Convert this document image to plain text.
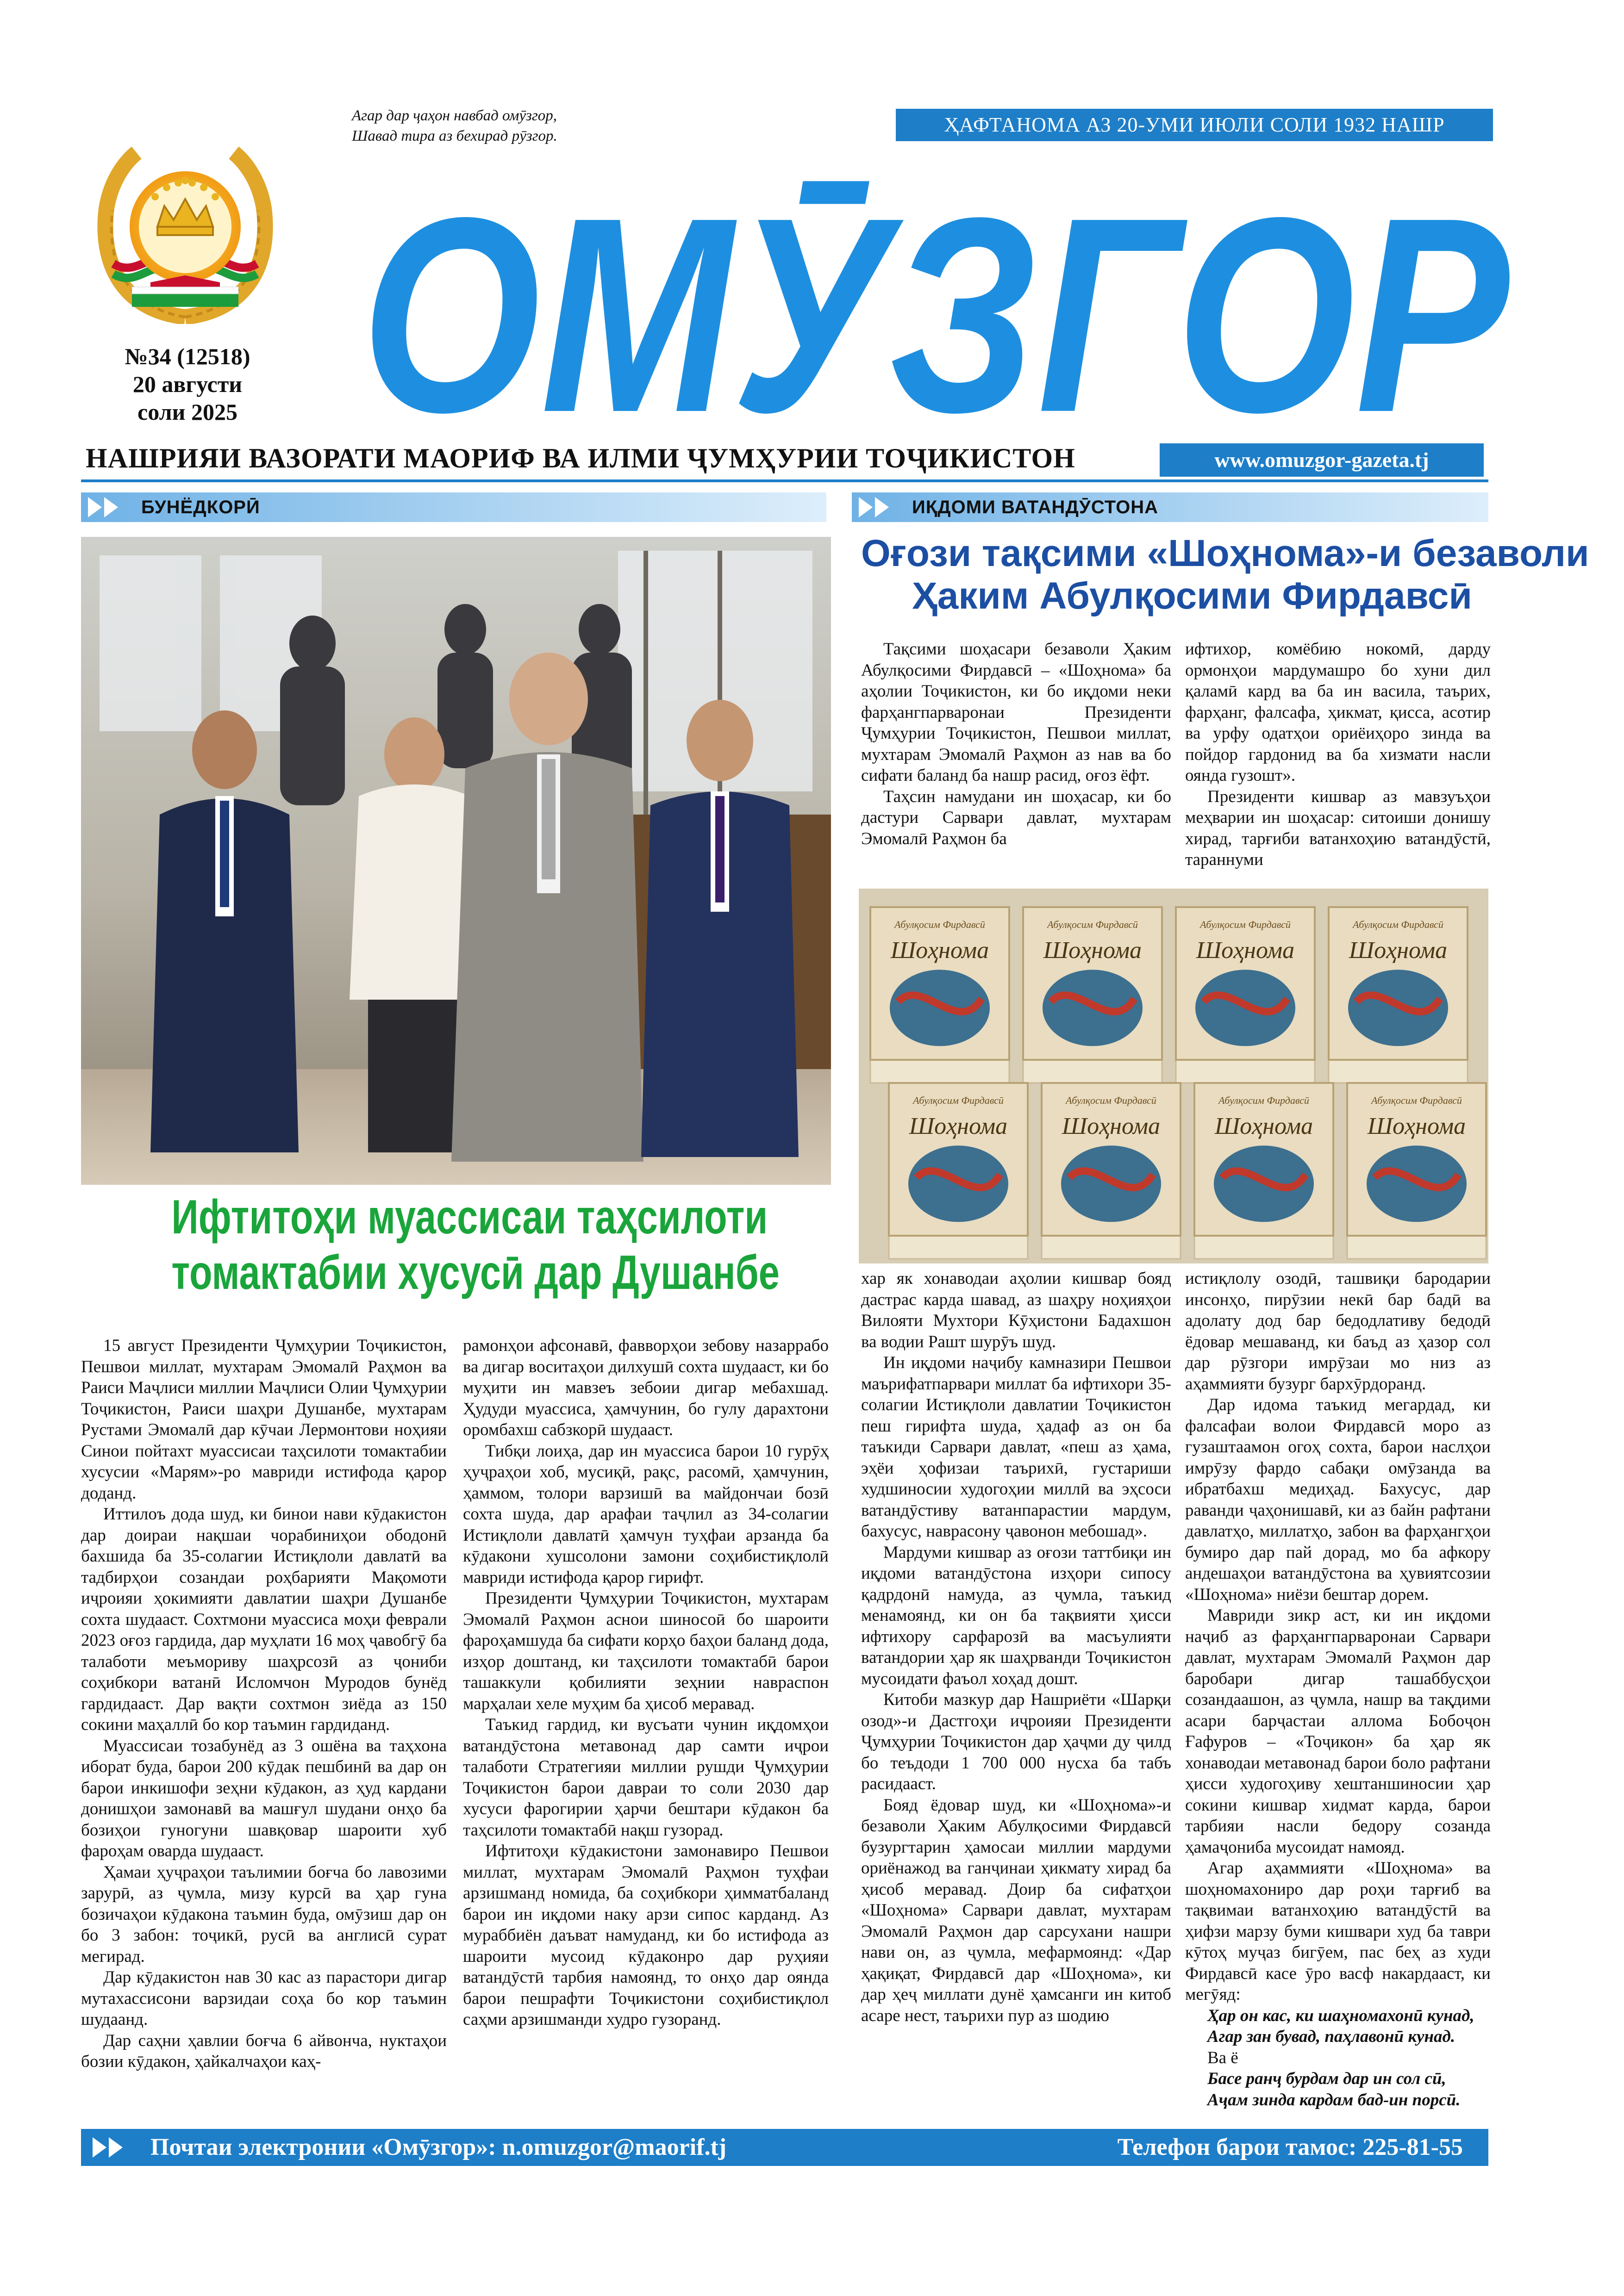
Агар дар ҷаҳон навбад омӯзгор,
Шавад тира аз бехирад рӯзгор.	ҲАФТАНОМА АЗ 20-УМИ ИЮЛИ СОЛИ 1932 НАШР МЕШАВАД
ОМӮЗГОР
№34 (12518)
20 августи
соли 2025
НАШРИЯИ ВАЗОРАТИ МАОРИФ ВА ИЛМИ ҶУМҲУРИИ ТОҶИКИСТОН	www.omuzgor-gazeta.tj
БУНЁДКОРӢ	ИҚДОМИ ВАТАНДӮСТОНА
Ифтитоҳи муассисаи таҳсилоти
томактабии хусусӣ дар Душанбе

15 август Президенти Ҷумҳурии Тоҷикистон, Пешвои миллат, мухтарам Эмомалӣ Раҳмон ва Раиси Маҷлиси миллии Маҷлиси Олии Ҷумҳурии Тоҷикистон, Раиси шаҳри Душанбе, мухтарам Рустами Эмомалӣ дар кӯчаи Лермонтови ноҳияи Синои пойтахт муассисаи таҳсилоти томактабии хусусии «Марям»-ро мавриди истифода қарор доданд.

Иттилоъ дода шуд, ки бинои нави кӯдакистон дар доираи нақшаи чорабиниҳои ободонӣ бахшида ба 35-солагии Истиқлоли давлатӣ ва тадбирҳои созандаи роҳбарияти Мақомоти иҷроияи ҳокимияти давлатии шаҳри Душанбе сохта шудааст. Сохтмони муассиса моҳи феврали 2023 оғоз гардида, дар муҳлати 16 моҳ ҷавобгӯ ба талаботи меъмориву шаҳрсозӣ аз ҷониби соҳибкори ватанӣ Исломчон Муродов бунёд гардидааст. Дар вақти сохтмон зиёда аз 150 сокини маҳаллӣ бо кор таъмин гардиданд.

Муассисаи тозабунёд аз 3 ошёна ва таҳхона иборат буда, барои 200 кӯдак пешбинӣ ва дар он барои инкишофи зеҳни кӯдакон, аз ҳуд кардани донишҳои замонавӣ ва машғул шудани онҳо ба бозиҳои гуногуни шавқовар шароити хуб фароҳам оварда шудааст.

Ҳамаи ҳуҷраҳои таълимии боғча бо лавозими зарурӣ, аз ҷумла, мизу курсӣ ва ҳар гуна бозичаҳои кӯдакона таъмин буда, омӯзиш дар он бо 3 забон: тоҷикӣ, русӣ ва англисӣ сурат мегирад.

Дар кӯдакистон нав 30 кас аз парастори дигар мутахассисони варзидаи соҳа бо кор таъмин шудаанд.

Дар саҳни ҳавлии боғча 6 айвонча, нуктаҳои бозии кӯдакон, ҳайкалчаҳои каҳ-

рамонҳои афсонавӣ, фавворҳои зебову назаррабо ва дигар воситаҳои дилхушӣ сохта шудааст, ки бо муҳити ин мавзеъ зебоии дигар мебахшад. Ҳудуди муассиса, ҳамчунин, бо гулу дарахтони оромбахш сабзкорӣ шудааст.

Тибқи лоиҳа, дар ин муассиса барои 10 гурӯҳ ҳуҷраҳои хоб, мусиқӣ, рақс, расомӣ, ҳамчунин, ҳаммом, толори варзишӣ ва майдончаи бозӣ сохта шуда, дар арафаи таҷлил аз 34-солагии Истиқлоли давлатӣ ҳамчун туҳфаи арзанда ба кӯдакони хушсолони замони соҳибистиқлолӣ мавриди истифода қарор гирифт.

Президенти Ҷумҳурии Тоҷикистон, мухтарам Эмомалӣ Раҳмон аснои шиносоӣ бо шароити фароҳамшуда ба сифати корҳо баҳои баланд дода, изҳор доштанд, ки таҳсилоти томактабӣ барои ташаккули қобилияти зеҳнии навраспон марҳалаи хеле муҳим ба ҳисоб меравад.

Таъкид гардид, ки вусъати чунин иқдомҳои ватандӯстона метавонад дар самти иҷрои талаботи Стратегияи миллии рушди Ҷумҳурии Тоҷикистон барои давраи то соли 2030 дар хусуси фарогирии ҳарчи бештари кӯдакон ба таҳсилоти томактабӣ нақш гузорад.

Ифтитоҳи кӯдакистони замонавиро Пешвои миллат, мухтарам Эмомалӣ Раҳмон туҳфаи арзишманд номида, ба соҳибкори ҳимматбаланд барои ин иқдоми наку арзи сипос карданд. Аз мураббиён даъват намуданд, ки бо истифода аз шароити мусоид кӯдаконро дар руҳияи ватандӯстӣ тарбия намоянд, то онҳо дар оянда барои пешрафти Тоҷикистони соҳибистиқлол саҳми арзишманди худро гузоранд.

Оғози тақсими «Шоҳнома»-и безаволи
Ҳаким Абулқосими Фирдавсӣ

Тақсими шоҳасари безаволи Ҳаким Абулқосими Фирдавсӣ – «Шоҳнома» ба аҳолии Тоҷикистон, ки бо иқдоми неки фарҳангпарваронаи Президенти Ҷумҳурии Тоҷикистон, Пешвои миллат, мухтарам Эмомалӣ Раҳмон аз нав ва бо сифати баланд ба нашр расид, оғоз ёфт.

Таҳсин намудани ин шоҳасар, ки бо дастури Сарвари давлат, мухтарам Эмомалӣ Раҳмон ба

ифтихор, комёбию нокомӣ, дарду ормонҳои мардумашро бо хуни дил қаламӣ кард ва ба ин васила, таърих, фарҳанг, фалсафа, ҳикмат, қисса, асотир ва урфу одатҳои ориёиҳоро зинда ва пойдор гардонид ва ба хизмати насли оянда гузошт».

Президенти кишвар аз мавзуъҳои меҳварии ин шоҳасар: ситоиши донишу хирад, тарғиби ватанхоҳию ватандӯстӣ, тараннуми

Абулқосим Фирдавсӣ
Шоҳнома
Абулқосим Фирдавсӣ
Шоҳнома
Абулқосим Фирдавсӣ
Шоҳнома
Абулқосим Фирдавсӣ
Шоҳнома
Абулқосим Фирдавсӣ
Шоҳнома
Абулқосим Фирдавсӣ
Шоҳнома
Абулқосим Фирдавсӣ
Шоҳнома
Абулқосим Фирдавсӣ
Шоҳнома

хар як хонаводаи аҳолии кишвар бояд дастрас карда шавад, аз шаҳру ноҳияҳои Вилояти Мухтори Кӯҳистони Бадахшон ва водии Рашт шурӯъ шуд.

Ин иқдоми наҷибу камназири Пешвои маърифатпарвари миллат ба ифтихори 35-солагии Истиқлоли давлатии Тоҷикистон пеш гирифта шуда, ҳадаф аз он ба таъкиди Сарвари давлат, «пеш аз ҳама, эҳёи ҳофизаи таърихӣ, густариши худшиносии худогоҳии миллӣ ва эҳсоси ватандӯстиву ватанпарастии мардум, бахусус, наврасону ҷавонон мебошад».

Мардуми кишвар аз оғози таттбиқи ин иқдоми ватандӯстона изҳори сипосу қадрдонӣ намуда, аз ҷумла, таъкид менамоянд, ки он ба тақвияти ҳисси ифтихору сарфарозӣ ва масъулияти ватандории ҳар як шаҳрванди Тоҷикистон мусоидати фаъол хоҳад дошт.

Китоби мазкур дар Нашриёти «Шарқи озод»-и Дастгоҳи иҷроияи Президенти Ҷумҳурии Тоҷикистон дар ҳаҷми ду ҷилд бо теъдоди 1 700 000 нусха ба табъ расидааст.

Бояд ёдовар шуд, ки «Шоҳнома»-и безаволи Ҳаким Абулқосими Фирдавсӣ бузургтарин ҳамосаи миллии мардуми ориёнажод ва ганҷинаи ҳикмату хирад ба ҳисоб меравад. Доир ба сифатҳои «Шоҳнома» Сарвари давлат, мухтарам Эмомалӣ Раҳмон дар сарсухани нашри нави он, аз ҷумла, мефармоянд: «Дар ҳақиқат, Фирдавсӣ дар «Шоҳнома», ки дар ҳеҷ миллати дунё ҳамсанги ин китоб асаре нест, таърихи пур аз шодию

истиқлолу озодӣ, ташвиқи бародарии инсонҳо, пирӯзии некӣ бар бадӣ ва адолату дод бар бедодлативу бедодӣ ёдовар мешаванд, ки баъд аз ҳазор сол дар рӯзгори имрӯзаи мо низ аз аҳаммияти бузург бархӯрдоранд.

Дар идома таъкид мегардад, ки фалсафаи волои Фирдавсӣ моро аз гузаштаамон огоҳ сохта, барои наслҳои имрӯзу фардо сабақи омӯзанда ва ибратбахш медиҳад. Бахусус, дар раванди ҷаҳонишавӣ, ки аз байн рафтани давлатҳо, миллатҳо, забон ва фарҳангҳои бумиро дар пай дорад, мо ба афкору андешаҳои ватандӯстона ва ҳувиятсозии «Шоҳнома» ниёзи бештар дорем.

Мавриди зикр аст, ки ин иқдоми наҷиб аз фарҳангпарваронаи Сарвари давлат, мухтарам Эмомалӣ Раҳмон дар баробари дигар ташаббусҳои созандаашон, аз ҷумла, нашр ва тақдими асари барҷастаи алломa Бобоҷон Ғафуров – «Тоҷикон» ба ҳар як хонаводаи метавонад барои боло рафтани ҳисси худогоҳиву хештаншиносии ҳар сокини кишвар хидмат карда, барои тарбияи насли бедору созанда ҳамаҷониба мусоидат намояд.

Агар аҳаммияти «Шоҳнома» ва шоҳномахониро дар роҳи тарғиб ва тақвимаи ватанхоҳию ватандӯстӣ ва ҳифзи марзу буми кишвари худ ба таври кӯтоҳ муҷаз бигӯем, пас беҳ аз худи Фирдавсӣ касе ӯро васф накардааст, ки мегӯяд:

Ҳар он кас, ки шаҳномахонӣ кунад,

Агар зан бувад, паҳлавонӣ кунад.

Ва ё

Басе ранҷ бурдам дар ин сол сӣ,

Аҷам зинда кардам бад-ин порсӣ.

Почтаи электронии «Омӯзгор»: n.omuzgor@maorif.tj	Телефон барои тамос: 225-81-55
